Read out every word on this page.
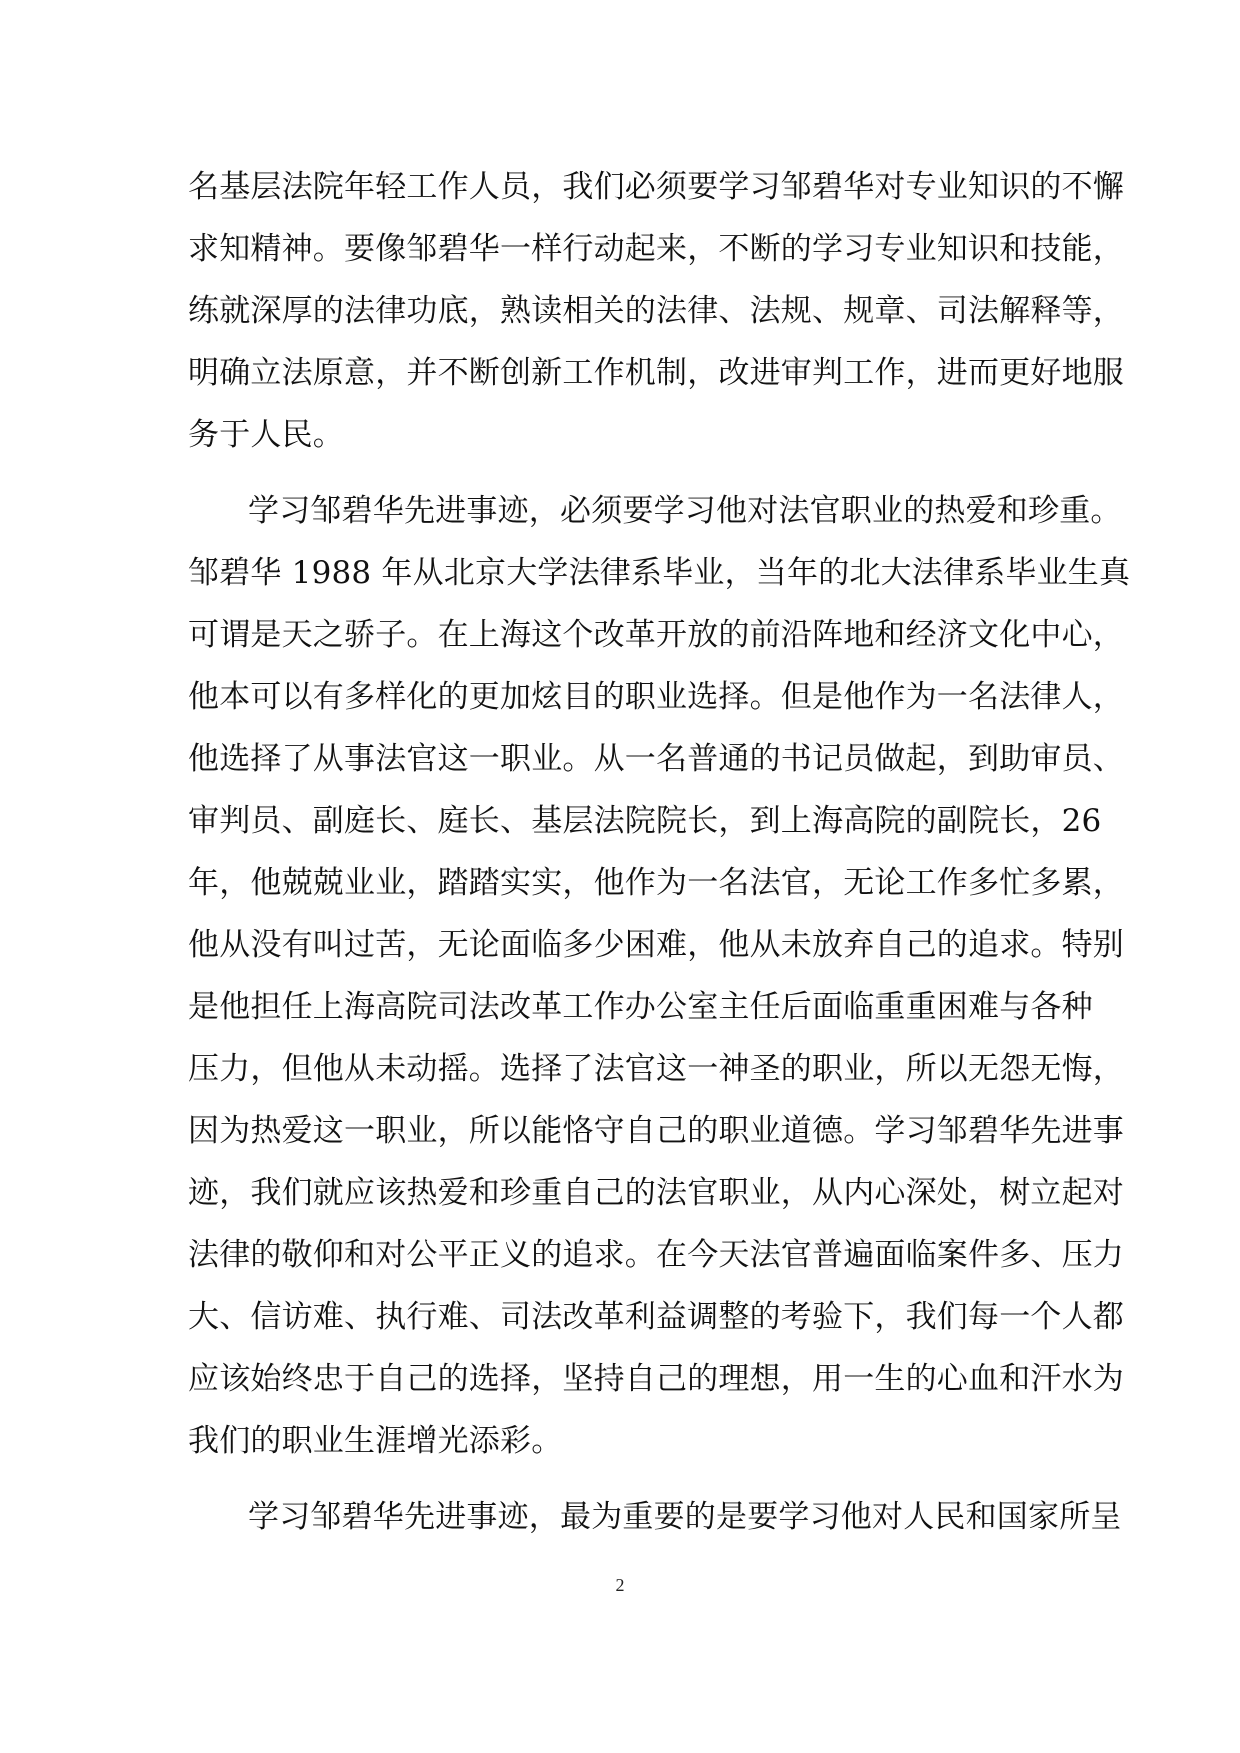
名基层法院年轻工作人员，我们必须要学习邹碧华对专业知识的不懈
求知精神。要像邹碧华一样行动起来，不断的学习专业知识和技能，
练就深厚的法律功底，熟读相关的法律、法规、规章、司法解释等，
明确立法原意，并不断创新工作机制，改进审判工作，进而更好地服
务于人民。
学习邹碧华先进事迹，必须要学习他对法官职业的热爱和珍重。
邹碧华 1988 年从北京大学法律系毕业，当年的北大法律系毕业生真
可谓是天之骄子。在上海这个改革开放的前沿阵地和经济文化中心，
他本可以有多样化的更加炫目的职业选择。但是他作为一名法律人，
他选择了从事法官这一职业。从一名普通的书记员做起，到助审员、
审判员、副庭长、庭长、基层法院院长，到上海高院的副院长，26
年，他兢兢业业，踏踏实实，他作为一名法官，无论工作多忙多累，
他从没有叫过苦，无论面临多少困难，他从未放弃自己的追求。特别
是他担任上海高院司法改革工作办公室主任后面临重重困难与各种
压力，但他从未动摇。选择了法官这一神圣的职业，所以无怨无悔，
因为热爱这一职业，所以能恪守自己的职业道德。学习邹碧华先进事
迹，我们就应该热爱和珍重自己的法官职业，从内心深处，树立起对
法律的敬仰和对公平正义的追求。在今天法官普遍面临案件多、压力
大、信访难、执行难、司法改革利益调整的考验下，我们每一个人都
应该始终忠于自己的选择，坚持自己的理想，用一生的心血和汗水为
我们的职业生涯增光添彩。
学习邹碧华先进事迹，最为重要的是要学习他对人民和国家所呈
2
